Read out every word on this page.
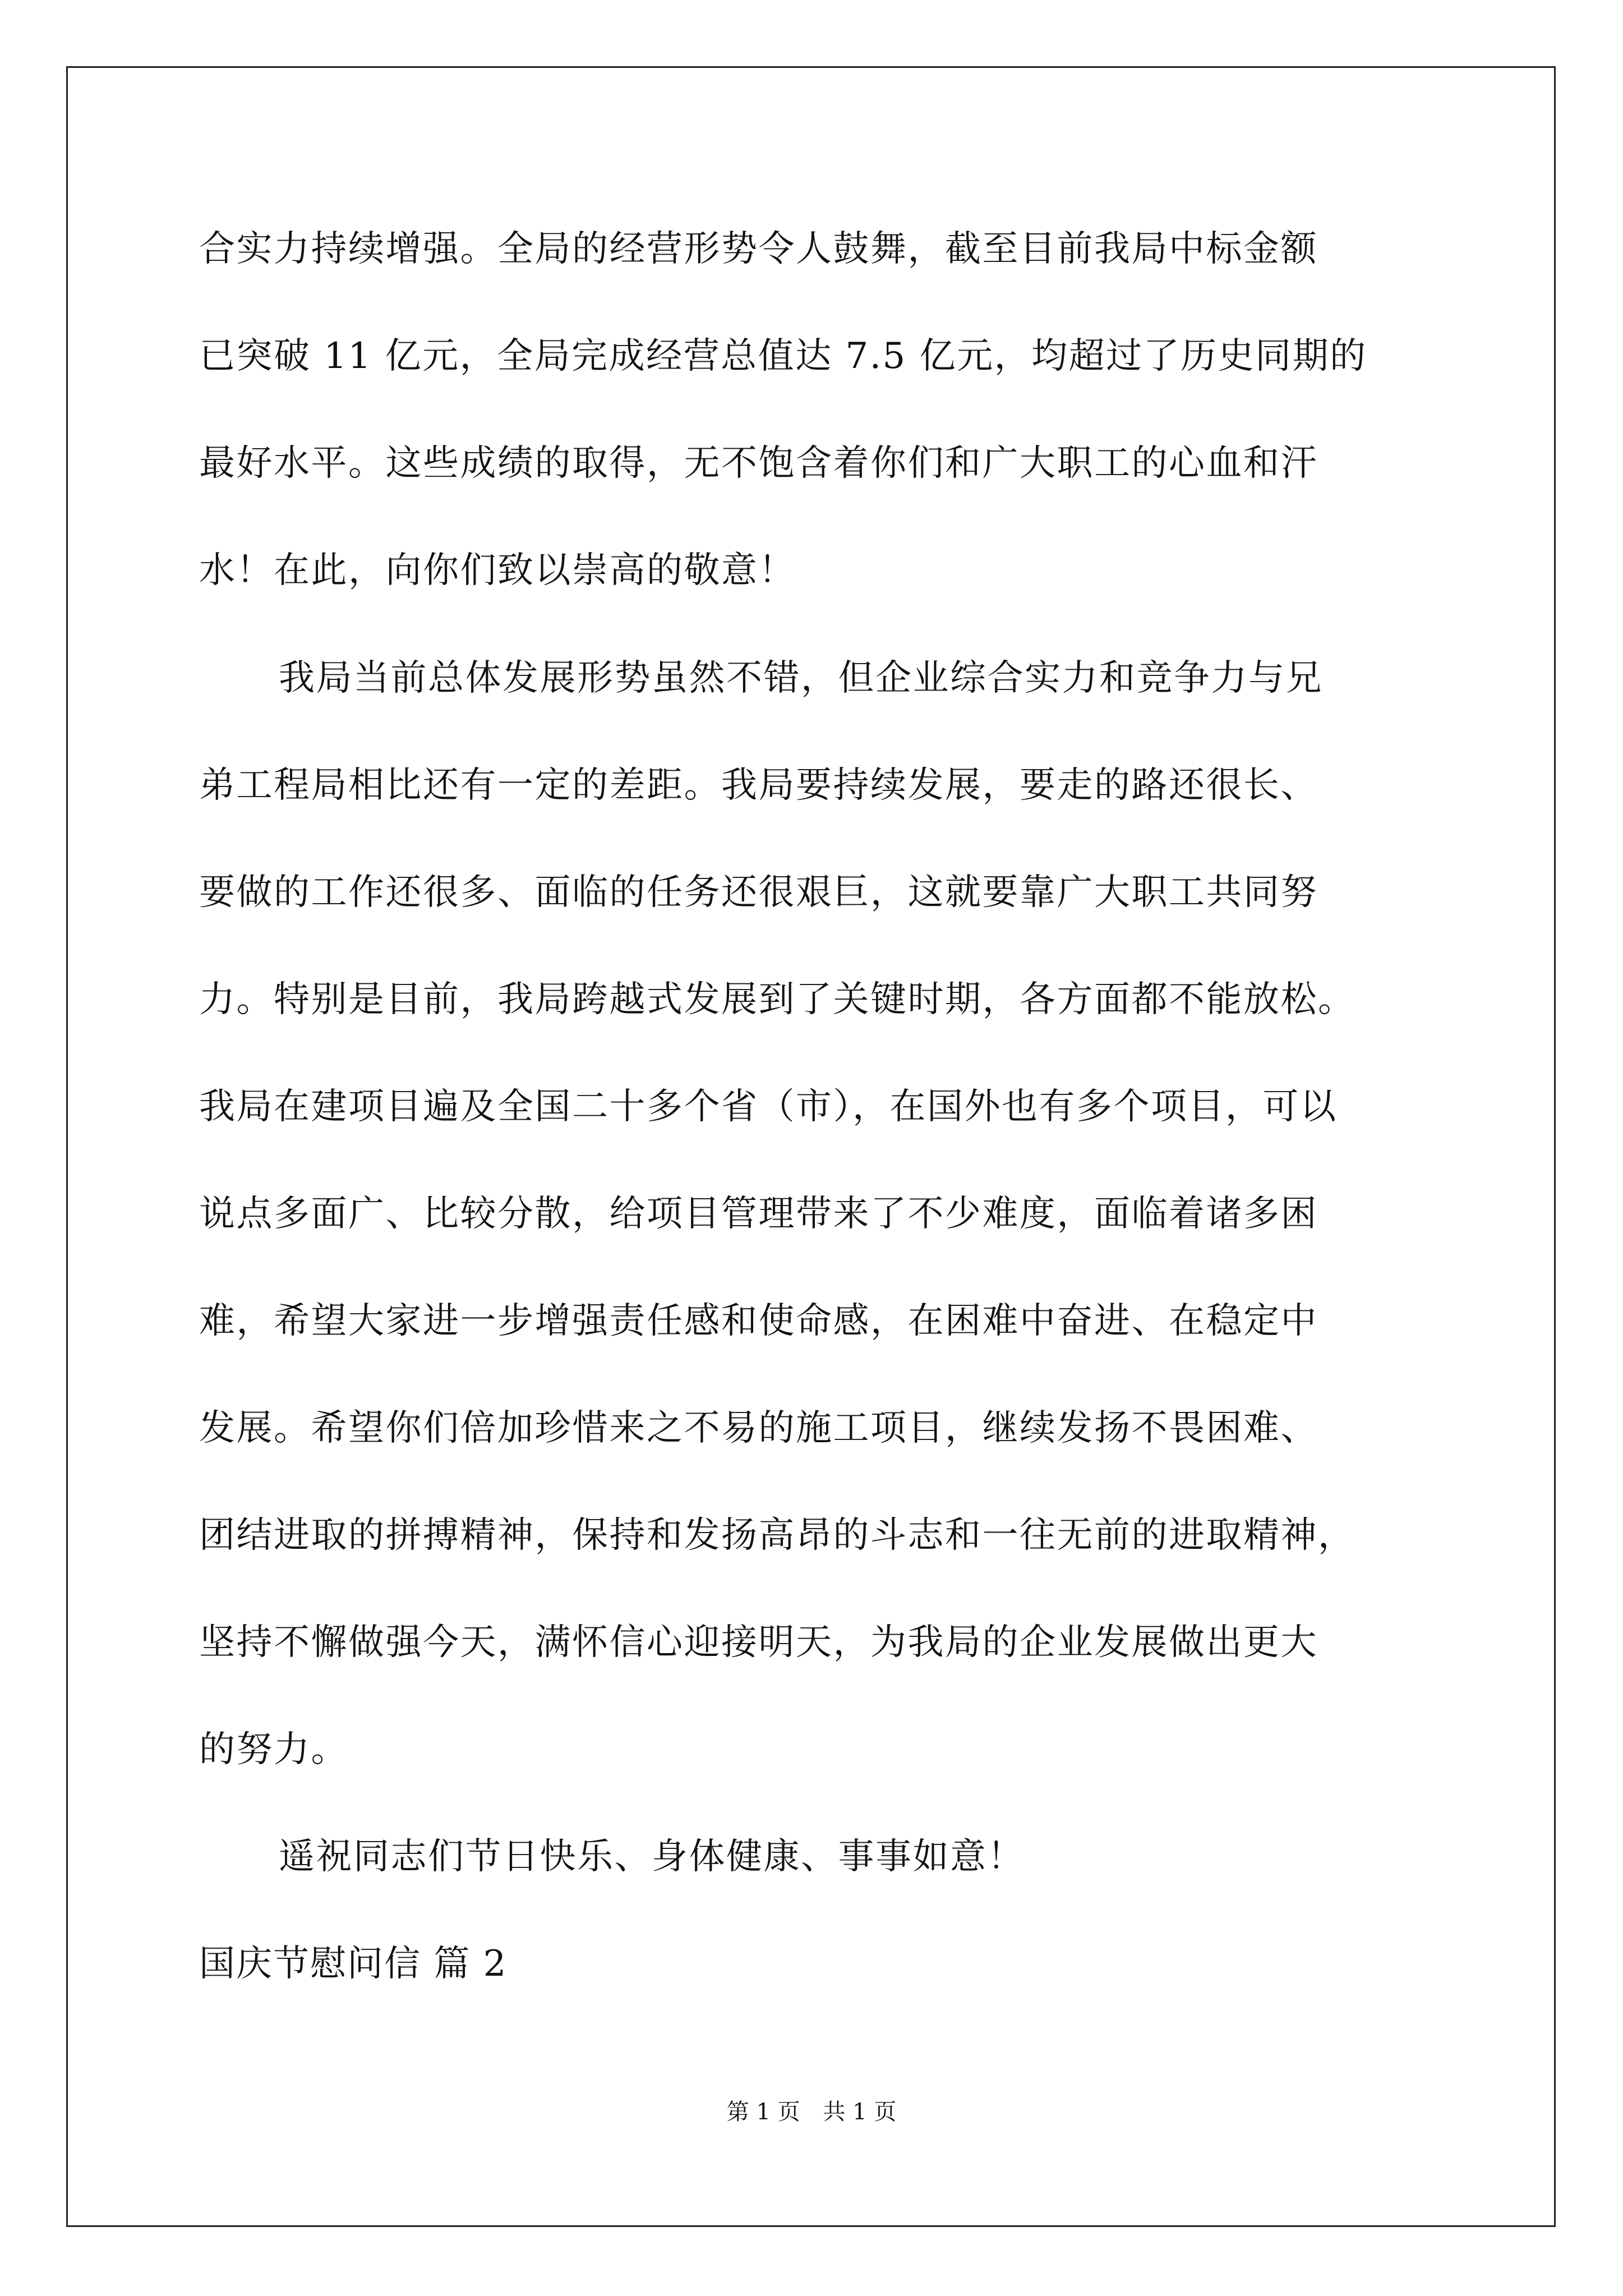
合实力持续增强。全局的经营形势令人鼓舞，截至目前我局中标金额
已突破 11 亿元，全局完成经营总值达 7.5 亿元，均超过了历史同期的
最好水平。这些成绩的取得，无不饱含着你们和广大职工的心血和汗
水！在此，向你们致以崇高的敬意！
我局当前总体发展形势虽然不错，但企业综合实力和竞争力与兄
弟工程局相比还有一定的差距。我局要持续发展，要走的路还很长、
要做的工作还很多、面临的任务还很艰巨，这就要靠广大职工共同努
力。特别是目前，我局跨越式发展到了关键时期，各方面都不能放松。
我局在建项目遍及全国二十多个省（市），在国外也有多个项目，可以
说点多面广、比较分散，给项目管理带来了不少难度，面临着诸多困
难，希望大家进一步增强责任感和使命感，在困难中奋进、在稳定中
发展。希望你们倍加珍惜来之不易的施工项目，继续发扬不畏困难、
团结进取的拼搏精神，保持和发扬高昂的斗志和一往无前的进取精神，
坚持不懈做强今天，满怀信心迎接明天，为我局的企业发展做出更大
的努力。
遥祝同志们节日快乐、身体健康、事事如意！
国庆节慰问信 篇 2
第 1 页 共 1 页
